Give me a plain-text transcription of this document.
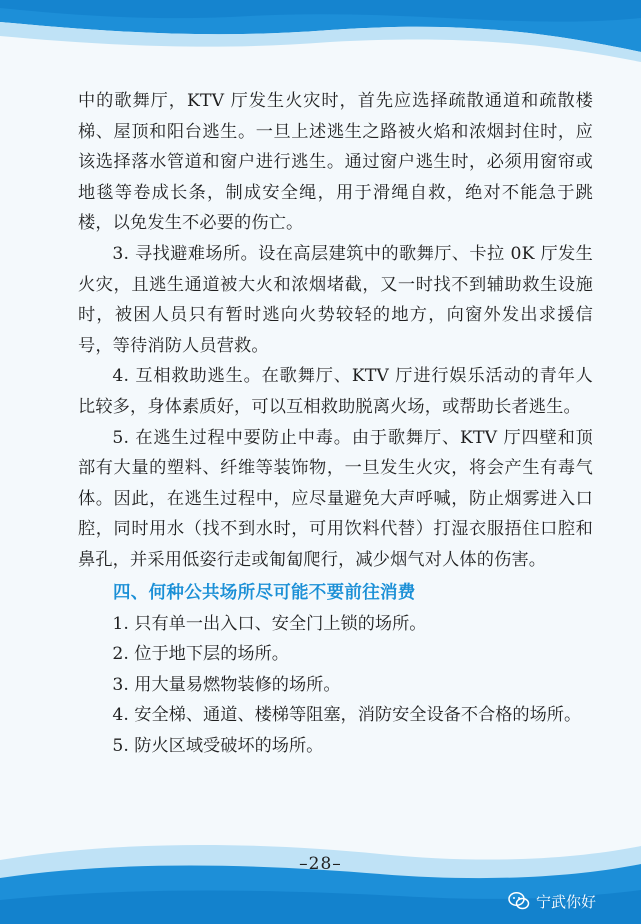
中的歌舞厅，KTV 厅发生火灾时，首先应选择疏散通道和疏散楼梯、屋顶和阳台逃生。一旦上述逃生之路被火焰和浓烟封住时，应该选择落水管道和窗户进行逃生。通过窗户逃生时，必须用窗帘或地毯等卷成长条，制成安全绳，用于滑绳自救，绝对不能急于跳楼，以免发生不必要的伤亡。

3. 寻找避难场所。设在高层建筑中的歌舞厅、卡拉 0K 厅发生火灾，且逃生通道被大火和浓烟堵截，又一时找不到辅助救生设施时，被困人员只有暂时逃向火势较轻的地方，向窗外发出求援信号，等待消防人员营救。

4. 互相救助逃生。在歌舞厅、KTV 厅进行娱乐活动的青年人比较多，身体素质好，可以互相救助脱离火场，或帮助长者逃生。

5. 在逃生过程中要防止中毒。由于歌舞厅、KTV 厅四壁和顶部有大量的塑料、纤维等装饰物，一旦发生火灾，将会产生有毒气体。因此，在逃生过程中，应尽量避免大声呼喊，防止烟雾进入口腔，同时用水（找不到水时，可用饮料代替）打湿衣服捂住口腔和鼻孔，并采用低姿行走或匍匐爬行，减少烟气对人体的伤害。

四、何种公共场所尽可能不要前往消费

1. 只有单一出入口、安全门上锁的场所。

2. 位于地下层的场所。

3. 用大量易燃物装修的场所。

4. 安全梯、通道、楼梯等阻塞，消防安全设备不合格的场所。

5. 防火区域受破坏的场所。

–28–
宁武你好
